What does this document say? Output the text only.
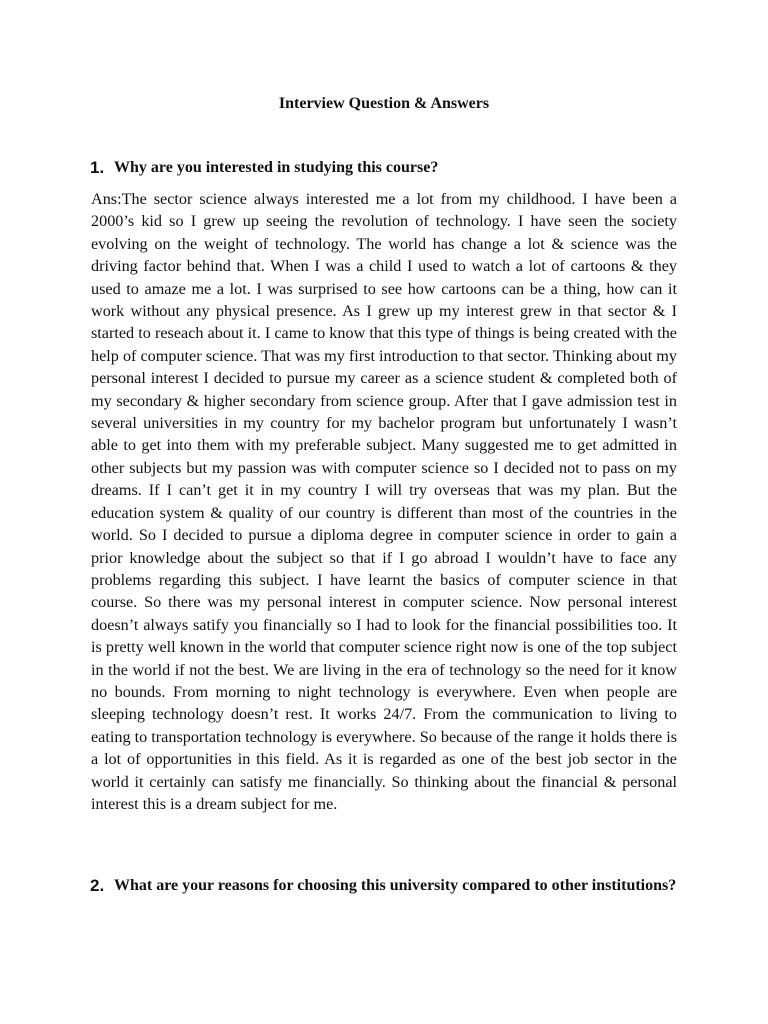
Interview Question & Answers
1. Why are you interested in studying this course?

Ans:The sector science always interested me a lot from my childhood. I have been a 2000’s kid so I grew up seeing the revolution of technology. I have seen the society evolving on the weight of technology. The world has change a lot & science was the driving factor behind that. When I was a child I used to watch a lot of cartoons & they used to amaze me a lot. I was surprised to see how cartoons can be a thing, how can it work without any physical presence. As I grew up my interest grew in that sector & I started to reseach about it. I came to know that this type of things is being created with the help of computer science. That was my first introduction to that sector. Thinking about my personal interest I decided to pursue my career as a science student & completed both of my secondary & higher secondary from science group. After that I gave admission test in several universities in my country for my bachelor program but unfortunately I wasn’t able to get into them with my preferable subject. Many suggested me to get admitted in other subjects but my passion was with computer science so I decided not to pass on my dreams. If I can’t get it in my country I will try overseas that was my plan. But the education system & quality of our country is different than most of the countries in the world. So I decided to pursue a diploma degree in computer science in order to gain a prior knowledge about the subject so that if I go abroad I wouldn’t have to face any problems regarding this subject. I have learnt the basics of computer science in that course. So there was my personal interest in computer science. Now personal interest doesn’t always satify you financially so I had to look for the financial possibilities too. It is pretty well known in the world that computer science right now is one of the top subject in the world if not the best. We are living in the era of technology so the need for it know no bounds. From morning to night technology is everywhere. Even when people are sleeping technology doesn’t rest. It works 24/7. From the communication to living to eating to transportation technology is everywhere. So because of the range it holds there is a lot of opportunities in this field. As it is regarded as one of the best job sector in the world it certainly can satisfy me financially. So thinking about the financial & personal interest this is a dream subject for me.

2. What are your reasons for choosing this university compared to other institutions?
